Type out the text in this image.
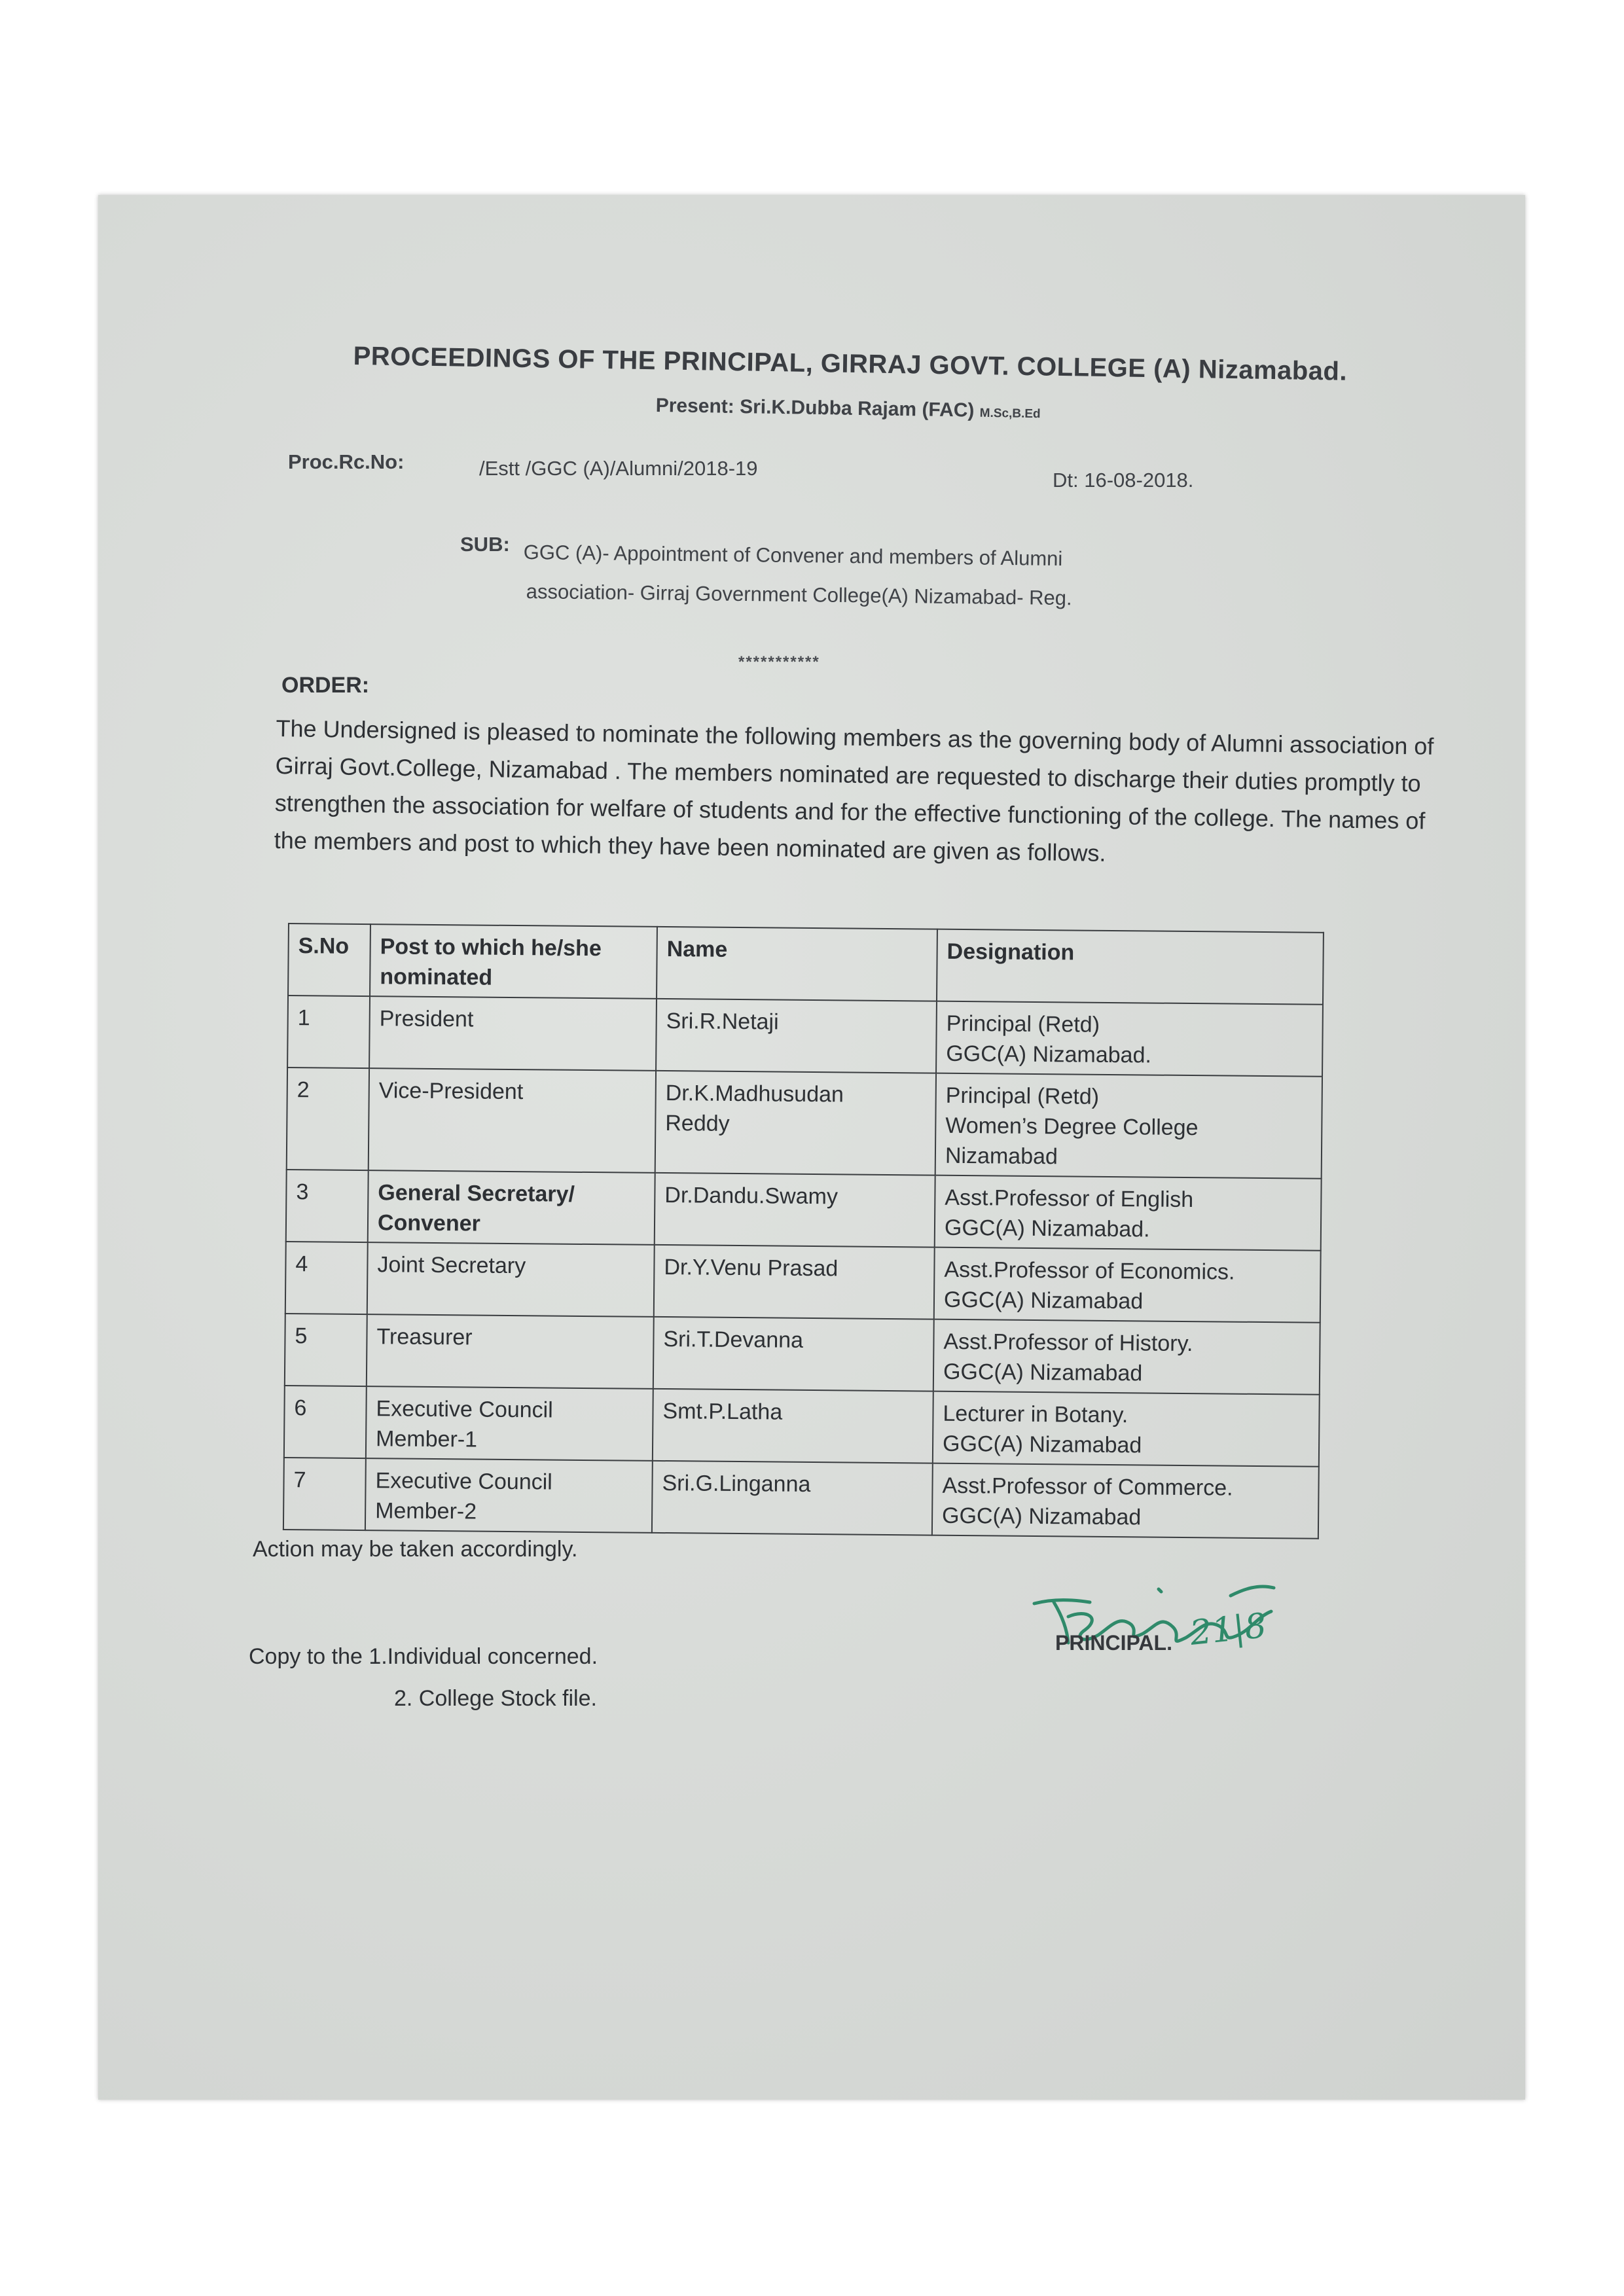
PROCEEDINGS OF THE PRINCIPAL, GIRRAJ GOVT. COLLEGE (A) Nizamabad.
Present: Sri.K.Dubba Rajam (FAC) M.Sc,B.Ed
Proc.Rc.No:	/Estt /GGC (A)/Alumni/2018-19
Dt: 16-08-2018.
SUB: GGC (A)- Appointment of Convener and members of Alumni
association- Girraj Government College(A) Nizamabad- Reg.
***********
ORDER:
The Undersigned is pleased to nominate the following members as the governing body of Alumni association of Girraj Govt.College, Nizamabad . The members nominated are requested to discharge their duties promptly to strengthen the association for welfare of students and for the effective functioning of the college. The names of the members and post to which they have been nominated are given as follows.
S.No	Post to which he/she nominated	Name	Designation
1	President	Sri.R.Netaji	Principal (Retd)
GGC(A) Nizamabad.
2	Vice-President	Dr.K.Madhusudan
Reddy	Principal (Retd)
Women’s Degree College
Nizamabad
3	General Secretary/
Convener	Dr.Dandu.Swamy	Asst.Professor of English
GGC(A) Nizamabad.
4	Joint Secretary	Dr.Y.Venu Prasad	Asst.Professor of Economics.
GGC(A) Nizamabad
5	Treasurer	Sri.T.Devanna	Asst.Professor of History.
GGC(A) Nizamabad
6	Executive Council
Member-1	Smt.P.Latha	Lecturer in Botany.
GGC(A) Nizamabad
7	Executive Council
Member-2	Sri.G.Linganna	Asst.Professor of Commerce.
GGC(A) Nizamabad
Action may be taken accordingly.
Copy to the 1.Individual concerned.
2. College Stock file.
PRINCIPAL. 21|8
